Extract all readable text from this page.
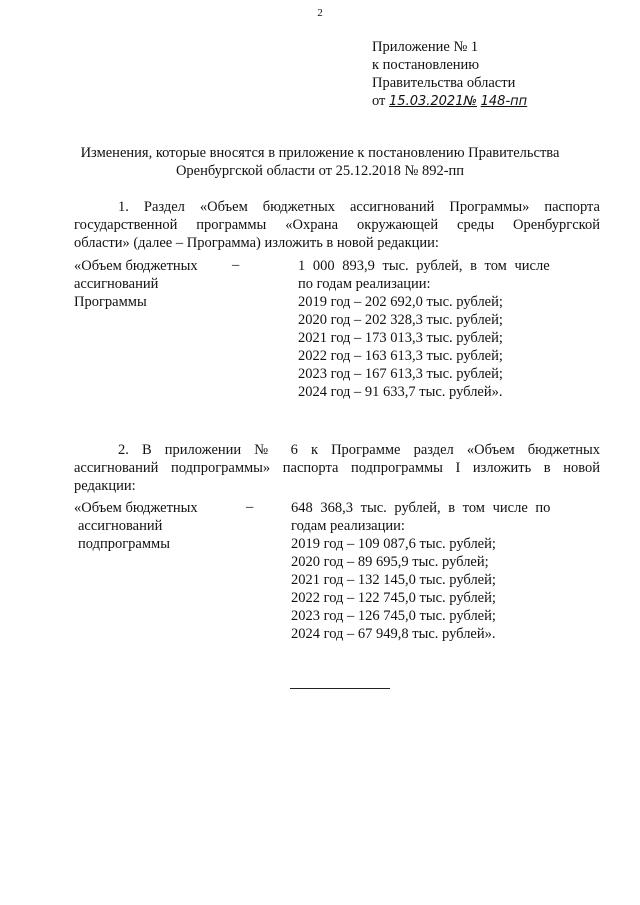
2
Приложение № 1
к постановлению
Правительства области
от 15.03.2021№ 148-пп
Изменения, которые вносятся в приложение к постановлению Правительства
Оренбургской области от 25.12.2018 № 892-пп
1. Раздел «Объем бюджетных ассигнований Программы» паспорта
государственной программы «Охрана окружающей среды Оренбургской
области» (далее – Программа) изложить в новой редакции:
«Объем бюджетных
ассигнований
Программы
–	1 000 893,9 тыс. рублей, в том числе
по годам реализации:
2019 год – 202 692,0 тыс. рублей;
2020 год – 202 328,3 тыс. рублей;
2021 год – 173 013,3 тыс. рублей;
2022 год – 163 613,3 тыс. рублей;
2023 год – 167 613,3 тыс. рублей;
2024 год – 91 633,7 тыс. рублей».
2. В приложении № 6 к Программе раздел «Объем бюджетных
ассигнований подпрограммы» паспорта подпрограммы I изложить в новой
редакции:
«Объем бюджетных
ассигнований
подпрограммы
–	648 368,3 тыс. рублей, в том числе по
годам реализации:
2019 год – 109 087,6 тыс. рублей;
2020 год – 89 695,9 тыс. рублей;
2021 год – 132 145,0 тыс. рублей;
2022 год – 122 745,0 тыс. рублей;
2023 год – 126 745,0 тыс. рублей;
2024 год – 67 949,8 тыс. рублей».
